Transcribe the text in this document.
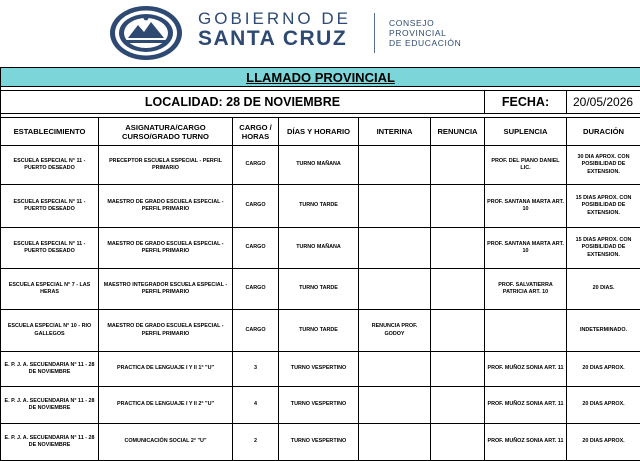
GOBIERNO DE
SANTA CRUZ
CONSEJO
PROVINCIAL
DE EDUCACIÓN
LLAMADO PROVINCIAL							

LOCALIDAD: 28 DE NOVIEMBRE						FECHA:	20/05/2026

ESTABLECIMIENTO	ASIGNATURA/CARGO CURSO/GRADO TURNO	CARGO / HORAS	DÍAS Y HORARIO	INTERINA	RENUNCIA	SUPLENCIA	DURACIÓN
ESCUELA ESPECIAL N° 11 - PUERTO DESEADO	PRECEPTOR ESCUELA ESPECIAL - PERFIL PRIMARIO	CARGO	TURNO MAÑANA			PROF. DEL PIANO DANIEL LIC.	30 DIA APROX. CON POSIBILIDAD DE EXTENSION.
ESCUELA ESPECIAL N° 11 - PUERTO DESEADO	MAESTRO DE GRADO ESCUELA ESPECIAL - PERFIL PRIMARIO	CARGO	TURNO TARDE			PROF. SANTANA MARTA ART. 10	15 DIAS APROX. CON POSIBILIDAD DE EXTENSION.
ESCUELA ESPECIAL N° 11 - PUERTO DESEADO	MAESTRO DE GRADO ESCUELA ESPECIAL - PERFIL PRIMARIO	CARGO	TURNO MAÑANA			PROF. SANTANA MARTA ART. 10	15 DIAS APROX. CON POSIBILIDAD DE EXTENSION.
ESCUELA ESPECIAL N° 7 - LAS HERAS	MAESTRO INTEGRADOR ESCUELA ESPECIAL - PERFIL PRIMARIO	CARGO	TURNO TARDE			PROF. SALVATIERRA PATRICIA ART. 10	20 DIAS.
ESCUELA ESPECIAL N° 10 - RIO GALLEGOS	MAESTRO DE GRADO ESCUELA ESPECIAL - PERFIL PRIMARIO	CARGO	TURNO TARDE	RENUNCIA PROF. GODOY			INDETERMINADO.
E. P. J. A. SECUENDARIA N° 11 - 28 DE NOVIEMBRE	PRACTICA DE LENGUAJE I Y II 1° "U"	3	TURNO VESPERTINO			PROF. MUÑOZ SONIA ART. 11	20 DIAS APROX.
E. P. J. A. SECUENDARIA N° 11 - 28 DE NOVIEMBRE	PRACTICA DE LENGUAJE I Y II 2° "U"	4	TURNO VESPERTINO			PROF. MUÑOZ SONIA ART. 11	20 DIAS APROX.
E. P. J. A. SECUENDARIA N° 11 - 28 DE NOVIEMBRE	COMUNICACIÓN SOCIAL 2° "U"	2	TURNO VESPERTINO			PROF. MUÑOZ SONIA ART. 11	20 DIAS APROX.
